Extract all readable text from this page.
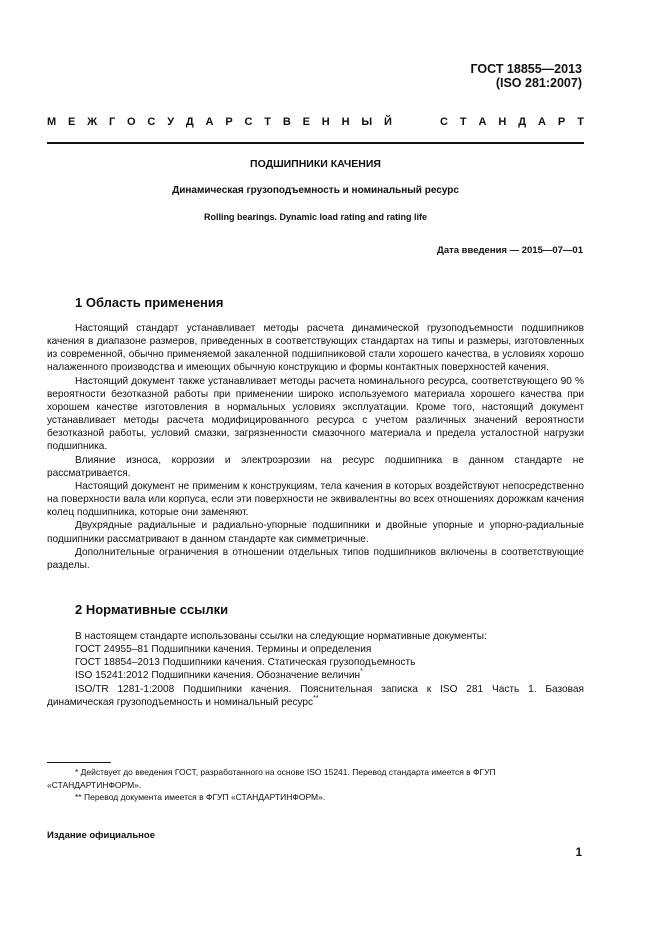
ГОСТ 18855—2013
(ISO 281:2007)
М Е Ж Г О С У Д А Р С Т В Е Н Н Ы Й	С Т А Н Д А Р Т
ПОДШИПНИКИ КАЧЕНИЯ
Динамическая грузоподъемность и номинальный ресурс
Rolling bearings. Dynamic load rating and rating life
Дата введения — 2015—07—01
1 Область применения

Настоящий стандарт устанавливает методы расчета динамической грузоподъемности подшипников качения в диапазоне размеров, приведенных в соответствующих стандартах на типы и размеры, изготовленных из современной, обычно применяемой закаленной подшипниковой стали хорошего качества, в условиях хорошо налаженного производства и имеющих обычную конструкцию и формы контактных поверхностей качения.

Настоящий документ также устанавливает методы расчета номинального ресурса, соответствующего 90 % вероятности безотказной работы при применении широко используемого материала хорошего качества при хорошем качестве изготовления в нормальных условиях эксплуатации. Кроме того, настоящий документ устанавливает методы расчета модифицированного ресурса с учетом различных значений вероятности безотказной работы, условий смазки, загрязненности смазочного материала и предела усталостной нагрузки подшипника.

Влияние износа, коррозии и электроэрозии на ресурс подшипника в данном стандарте не рассматривается.

Настоящий документ не применим к конструкциям, тела качения в которых воздействуют непосредственно на поверхности вала или корпуса, если эти поверхности не эквивалентны во всех отношениях дорожкам качения колец подшипника, которые они заменяют.

Двухрядные радиальные и радиально-упорные подшипники и двойные упорные и упорно-радиальные подшипники рассматривают в данном стандарте как симметричные.

Дополнительные ограничения в отношении отдельных типов подшипников включены в соответствующие разделы.

2 Нормативные ссылки

В настоящем стандарте использованы ссылки на следующие нормативные документы:

ГОСТ 24955–81 Подшипники качения. Термины и определения

ГОСТ 18854–2013 Подшипники качения. Статическая грузоподъемность

ISO 15241:2012 Подшипники качения. Обозначение величин*

ISO/TR 1281-1:2008 Подшипники качения. Пояснительная записка к ISO 281 Часть 1. Базовая динамическая грузоподъемность и номинальный ресурс**

* Действует до введения ГОСТ, разработанного на основе ISO 15241. Перевод стандарта имеется в ФГУП «СТАНДАРТИНФОРМ».

** Перевод документа имеется в ФГУП «СТАНДАРТИНФОРМ».

Издание официальное
1
